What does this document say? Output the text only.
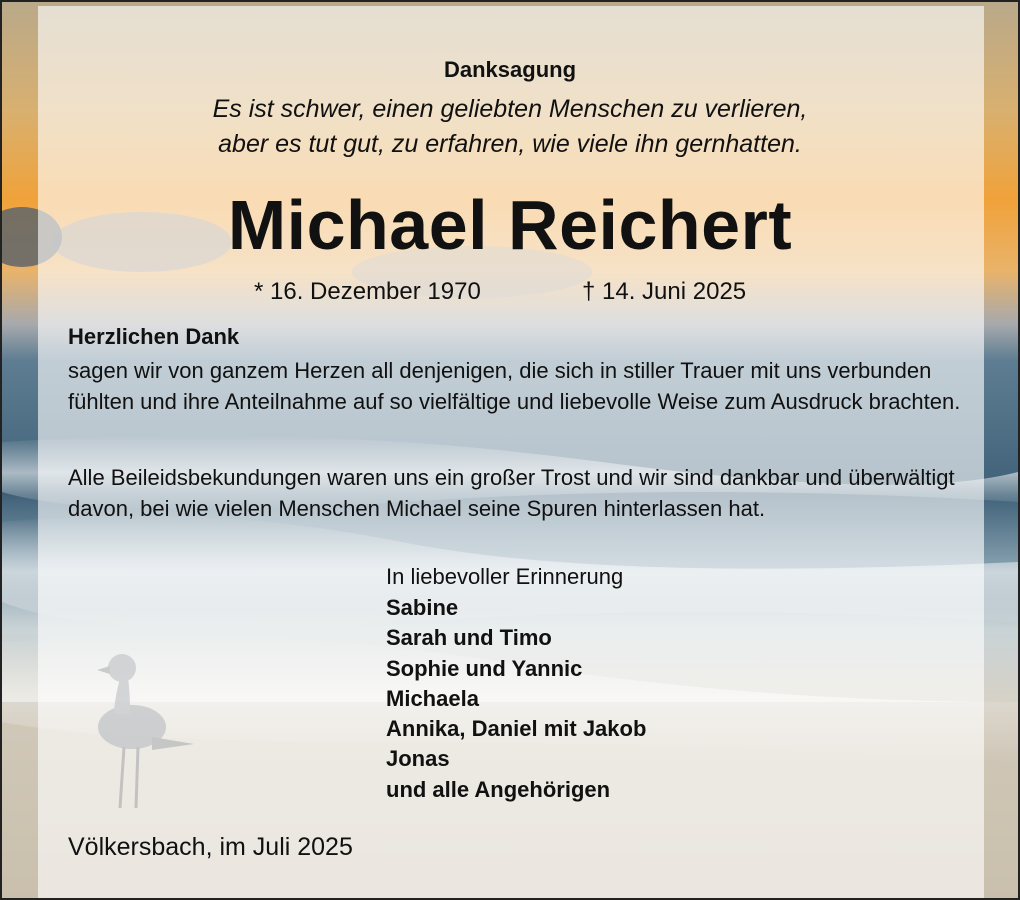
Danksagung
Es ist schwer, einen geliebten Menschen zu verlieren,
aber es tut gut, zu erfahren, wie viele ihn gernhatten.
Michael Reichert
* 16. Dezember 1970	† 14. Juni 2025
Herzlichen Dank
sagen wir von ganzem Herzen all denjenigen, die sich in stiller Trauer mit uns verbunden fühlten und ihre Anteilnahme auf so vielfältige und liebevolle Weise zum Ausdruck brachten.
Alle Beileidsbekundungen waren uns ein großer Trost und wir sind dankbar und überwältigt davon, bei wie vielen Menschen Michael seine Spuren hinterlassen hat.
In liebevoller Erinnerung
Sabine
Sarah und Timo
Sophie und Yannic
Michaela
Annika, Daniel mit Jakob
Jonas
und alle Angehörigen
Völkersbach, im Juli 2025
